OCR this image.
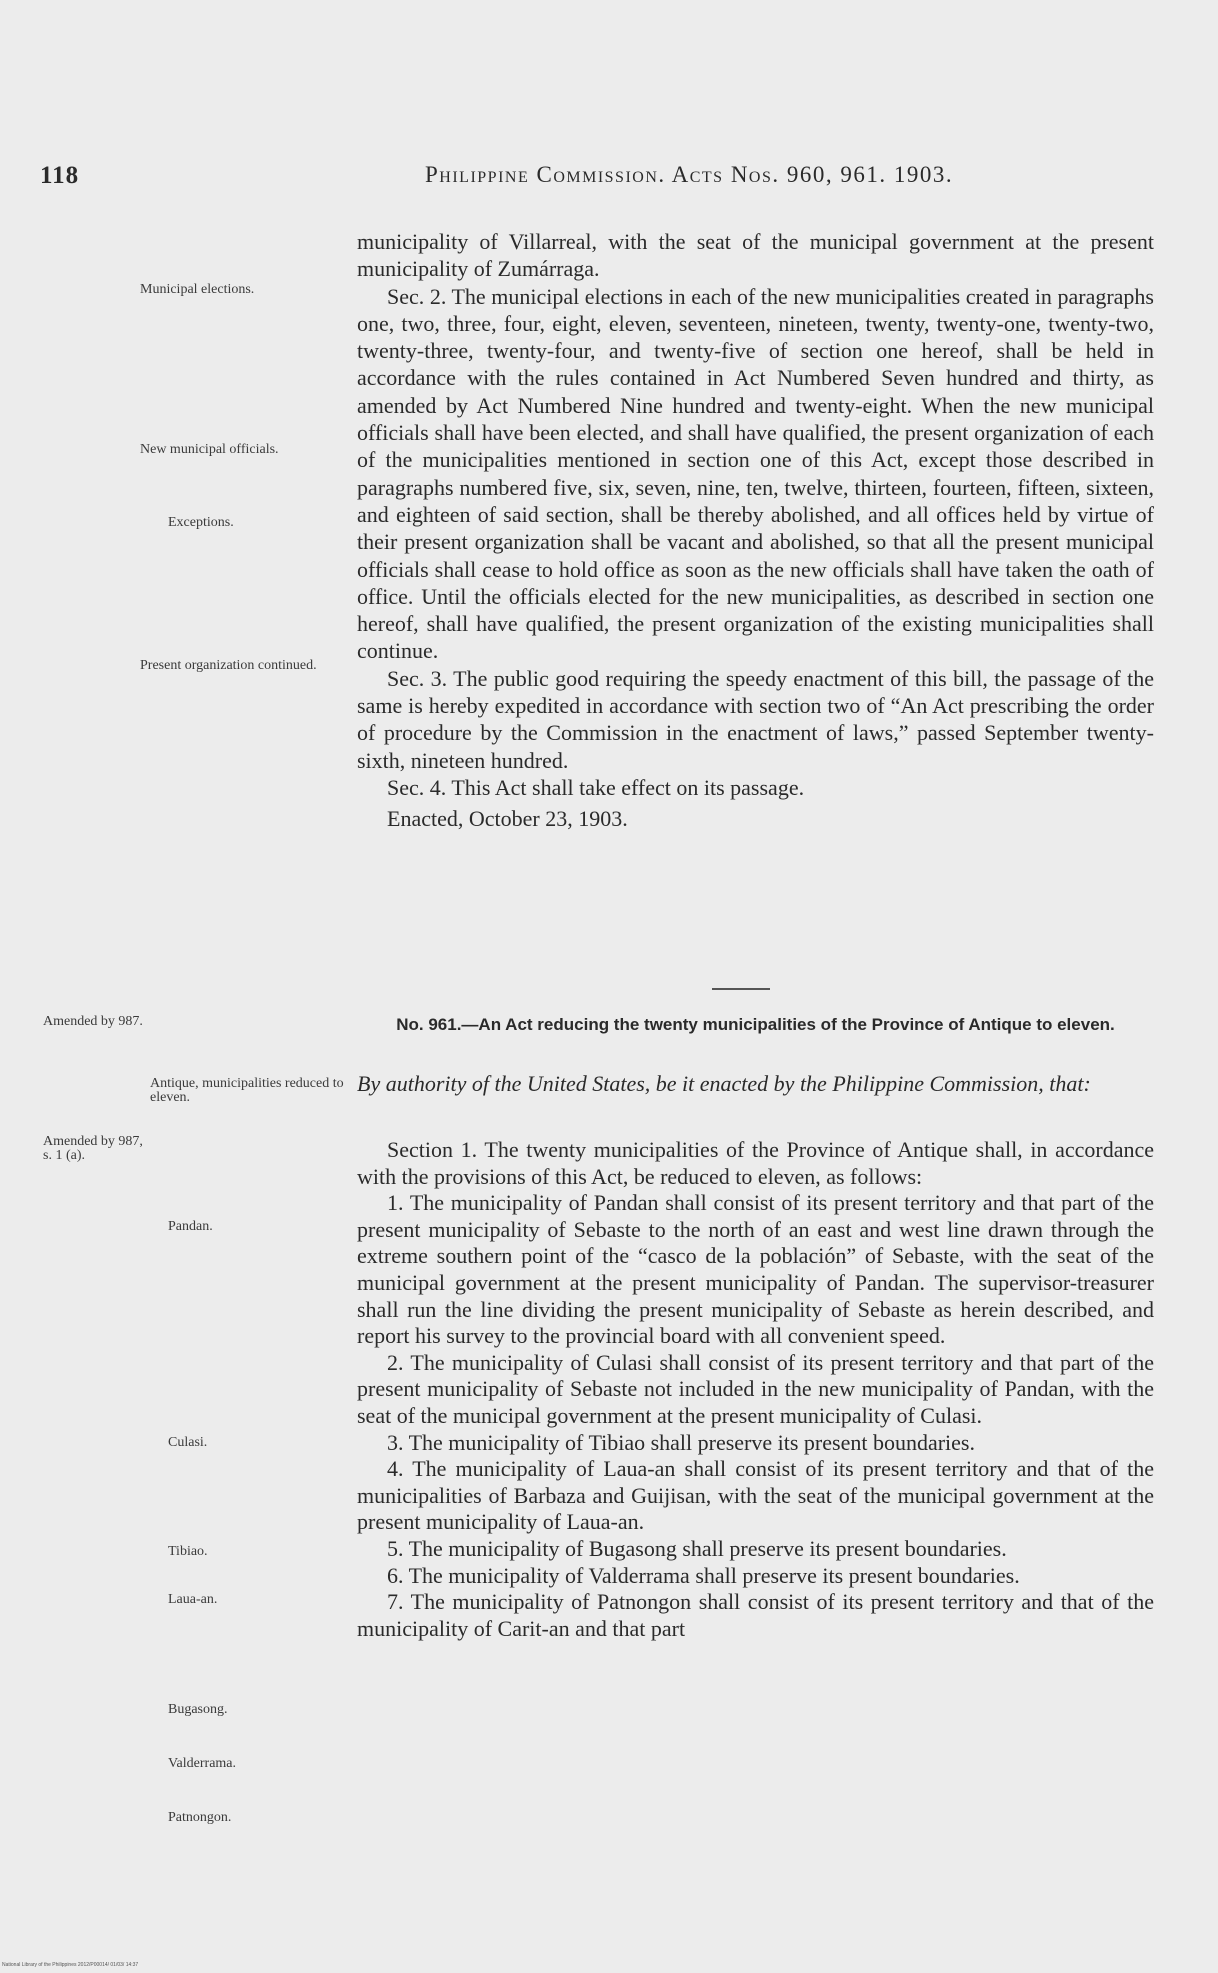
118	Philippine Commission. Acts Nos. 960, 961. 1903.

municipality of Villarreal, with the seat of the municipal government at the present municipality of Zumárraga.

Sec. 2. The municipal elections in each of the new municipalities created in paragraphs one, two, three, four, eight, eleven, seventeen, nineteen, twenty, twenty-one, twenty-two, twenty-three, twenty-four, and twenty-five of section one hereof, shall be held in accordance with the rules contained in Act Numbered Seven hundred and thirty, as amended by Act Numbered Nine hundred and twenty-eight. When the new municipal officials shall have been elected, and shall have qualified, the present organization of each of the municipalities mentioned in section one of this Act, except those described in paragraphs numbered five, six, seven, nine, ten, twelve, thirteen, fourteen, fifteen, sixteen, and eighteen of said section, shall be thereby abolished, and all offices held by virtue of their present organization shall be vacant and abolished, so that all the present municipal officials shall cease to hold office as soon as the new officials shall have taken the oath of office. Until the officials elected for the new municipalities, as described in section one hereof, shall have qualified, the present organization of the existing municipalities shall continue.

Sec. 3. The public good requiring the speedy enactment of this bill, the passage of the same is hereby expedited in accordance with section two of “An Act prescribing the order of procedure by the Commission in the enactment of laws,” passed September twenty-sixth, nineteen hundred.

Sec. 4. This Act shall take effect on its passage.

Enacted, October 23, 1903.

No. 961.—An Act reducing the twenty municipalities of the Province of Antique to eleven.
By authority of the United States, be it enacted by the Philippine Commission, that:

Section 1. The twenty municipalities of the Province of Antique shall, in accordance with the provisions of this Act, be reduced to eleven, as follows:

1. The municipality of Pandan shall consist of its present territory and that part of the present municipality of Sebaste to the north of an east and west line drawn through the extreme southern point of the “casco de la población” of Sebaste, with the seat of the municipal government at the present municipality of Pandan. The supervisor-treasurer shall run the line dividing the present municipality of Sebaste as herein described, and report his survey to the provincial board with all convenient speed.

2. The municipality of Culasi shall consist of its present territory and that part of the present municipality of Sebaste not included in the new municipality of Pandan, with the seat of the municipal government at the present municipality of Culasi.

3. The municipality of Tibiao shall preserve its present boundaries.

4. The municipality of Laua-an shall consist of its present territory and that of the municipalities of Barbaza and Guijisan, with the seat of the municipal government at the present municipality of Laua-an.

5. The municipality of Bugasong shall preserve its present boundaries.

6. The municipality of Valderrama shall preserve its present boundaries.

7. The municipality of Patnongon shall consist of its present territory and that of the municipality of Carit-an and that part

Municipal elections.
New municipal officials.
Exceptions.
Present organization continued.
Amended by 987.
Antique, municipalities reduced to eleven.
Amended by 987, s. 1 (a).
Pandan.
Culasi.
Tibiao.
Laua-an.
Bugasong.
Valderrama.
Patnongon.
National Library of the Philippines 2012/P00014/ 01/03/ 14:37
